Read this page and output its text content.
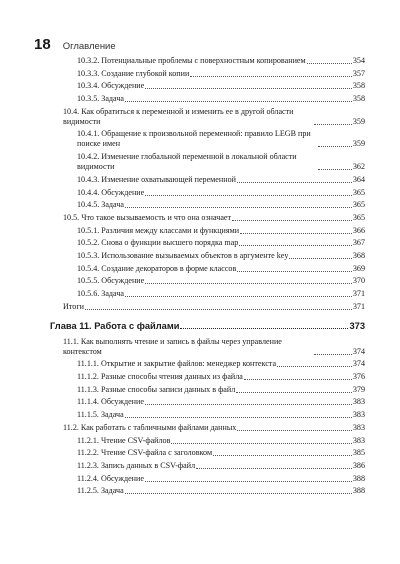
18 Оглавление
10.3.2. Потенциальные проблемы с поверхностным копированием	354
10.3.3. Создание глубокой копии	357
10.3.4. Обсуждение	358
10.3.5. Задача	358
10.4. Как обратиться к переменной и изменить ее в другой области видимости	359
10.4.1. Обращение к произвольной переменной: правило LEGB при поиске имен	359
10.4.2. Изменение глобальной переменной в локальной области видимости	362
10.4.3. Изменение охватывающей переменной	364
10.4.4. Обсуждение	365
10.4.5. Задача	365
10.5. Что такое вызываемость и что она означает	365
10.5.1. Различия между классами и функциями	366
10.5.2. Снова о функции высшего порядка map	367
10.5.3. Использование вызываемых объектов в аргументе key	368
10.5.4. Создание декораторов в форме классов	369
10.5.5. Обсуждение	370
10.5.6. Задача	371
Итоги	371
Глава 11. Работа с файлами	373
11.1. Как выполнять чтение и запись в файлы через управление контекстом	374
11.1.1. Открытие и закрытие файлов: менеджер контекста	374
11.1.2. Разные способы чтения данных из файла	376
11.1.3. Разные способы записи данных в файл	379
11.1.4. Обсуждение	383
11.1.5. Задача	383
11.2. Как работать с табличными файлами данных	383
11.2.1. Чтение CSV-файлов	383
11.2.2. Чтение CSV-файла с заголовком	385
11.2.3. Запись данных в CSV-файл	386
11.2.4. Обсуждение	388
11.2.5. Задача	388
